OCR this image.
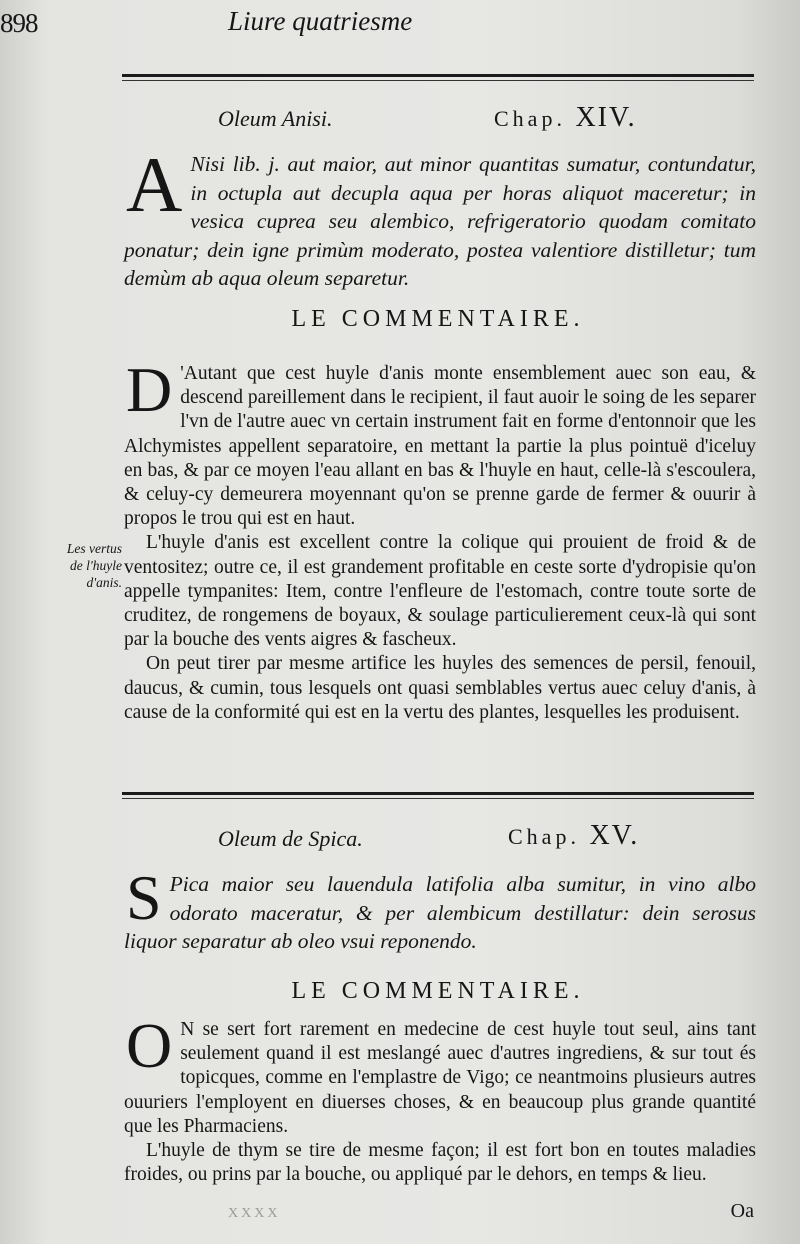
898	Liure quatriesme
Oleum Anisi.	Chap. XIV.
A Nisi lib. j. aut maior, aut minor quantitas sumatur, contundatur, in octupla aut decupla aqua per horas aliquot maceretur; in vesica cuprea seu alembico, refrigeratorio quodam comitato ponatur; dein igne primùm moderato, postea valentiore distilletur; tum demùm ab aqua oleum separetur.
LE COMMENTAIRE.

D 'Autant que cest huyle d'anis monte ensemblement auec son eau, & descend pareillement dans le recipient, il faut auoir le soing de les separer l'vn de l'autre auec vn certain instrument fait en forme d'entonnoir que les Alchymistes appellent separatoire, en mettant la partie la plus pointuë d'iceluy en bas, & par ce moyen l'eau allant en bas & l'huyle en haut, celle-là s'escoulera, & celuy-cy demeurera moyennant qu'on se prenne garde de fermer & ouurir à propos le trou qui est en haut.

L'huyle d'anis est excellent contre la colique qui prouient de froid & de ventositez; outre ce, il est grandement profitable en ceste sorte d'ydropisie qu'on appelle tympanites: Item, contre l'enfleure de l'estomach, contre toute sorte de cruditez, de rongemens de boyaux, & soulage particulierement ceux-là qui sont par la bouche des vents aigres & fascheux.

On peut tirer par mesme artifice les huyles des semences de persil, fenouil, daucus, & cumin, tous lesquels ont quasi semblables vertus auec celuy d'anis, à cause de la conformité qui est en la vertu des plantes, lesquelles les produisent.

Les vertus
de l'huyle
d'anis.
Oleum de Spica.	Chap. XV.
S Pica maior seu lauendula latifolia alba sumitur, in vino albo odorato maceratur, & per alembicum destillatur: dein serosus liquor separatur ab oleo vsui reponendo.
LE COMMENTAIRE.

O N se sert fort rarement en medecine de cest huyle tout seul, ains tant seulement quand il est meslangé auec d'autres ingrediens, & sur tout és topicques, comme en l'emplastre de Vigo; ce neantmoins plusieurs autres ouuriers l'employent en diuerses choses, & en beaucoup plus grande quantité que les Pharmaciens.

L'huyle de thym se tire de mesme façon; il est fort bon en toutes maladies froides, ou prins par la bouche, ou appliqué par le dehors, en temps & lieu.

XXXX	Oa
